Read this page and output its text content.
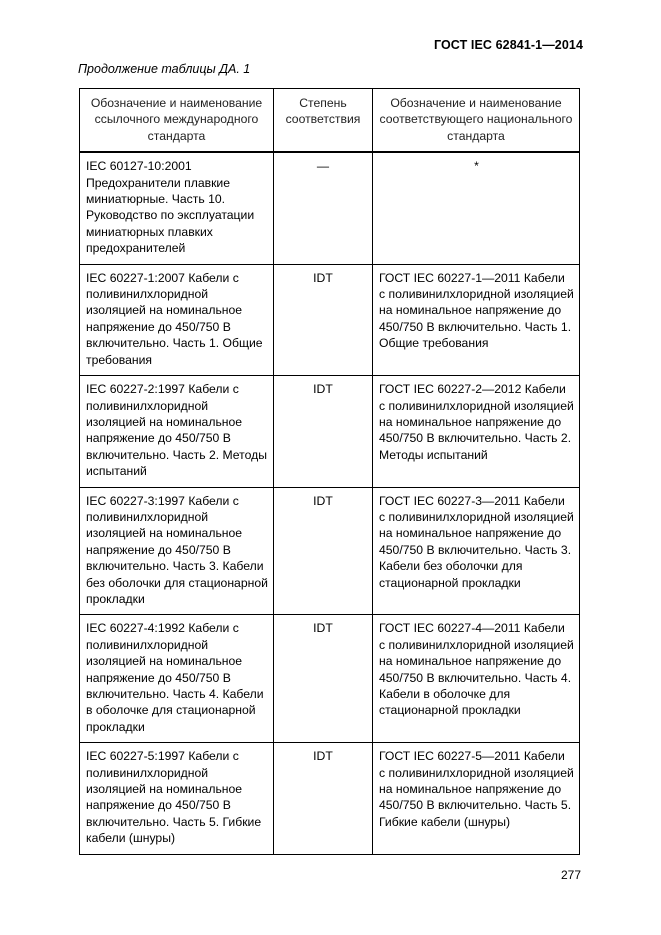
ГОСТ IEC 62841-1—2014
Продолжение таблицы ДА. 1
Обозначение и наименование ссылочного международного стандарта	Степень соответствия	Обозначение и наименование соответствующего национального стандарта
IEC 60127-10:2001 Предохранители плавкие миниатюрные. Часть 10. Руководство по эксплуатации миниатюрных плавких предохранителей	—	*
IEC 60227-1:2007 Кабели с поливинилхлоридной изоляцией на номинальное напряжение до 450/750 В включительно. Часть 1. Общие требования	IDT	ГОСТ IEC 60227-1—2011 Кабели с поливинилхлоридной изоляцией на номинальное напряжение до 450/750 В включительно. Часть 1. Общие требования
IEC 60227-2:1997 Кабели с поливинилхлоридной изоляцией на номинальное напряжение до 450/750 В включительно. Часть 2. Методы испытаний	IDT	ГОСТ IEC 60227-2—2012 Кабели с поливинилхлоридной изоляцией на номинальное напряжение до 450/750 В включительно. Часть 2. Методы испытаний
IEC 60227-3:1997 Кабели с поливинилхлоридной изоляцией на номинальное напряжение до 450/750 В включительно. Часть 3. Кабели без оболочки для стационарной прокладки	IDT	ГОСТ IEC 60227-3—2011 Кабели с поливинилхлоридной изоляцией на номинальное напряжение до 450/750 В включительно. Часть 3. Кабели без оболочки для стационарной прокладки
IEC 60227-4:1992 Кабели с поливинилхлоридной изоляцией на номинальное напряжение до 450/750 В включительно. Часть 4. Кабели в оболочке для стационарной прокладки	IDT	ГОСТ IEC 60227-4—2011 Кабели с поливинилхлоридной изоляцией на номинальное напряжение до 450/750 В включительно. Часть 4. Кабели в оболочке для стационарной прокладки
IEC 60227-5:1997 Кабели с поливинилхлоридной изоляцией на номинальное напряжение до 450/750 В включительно. Часть 5. Гибкие кабели (шнуры)	IDT	ГОСТ IEC 60227-5—2011 Кабели с поливинилхлоридной изоляцией на номинальное напряжение до 450/750 В включительно. Часть 5. Гибкие кабели (шнуры)
277
